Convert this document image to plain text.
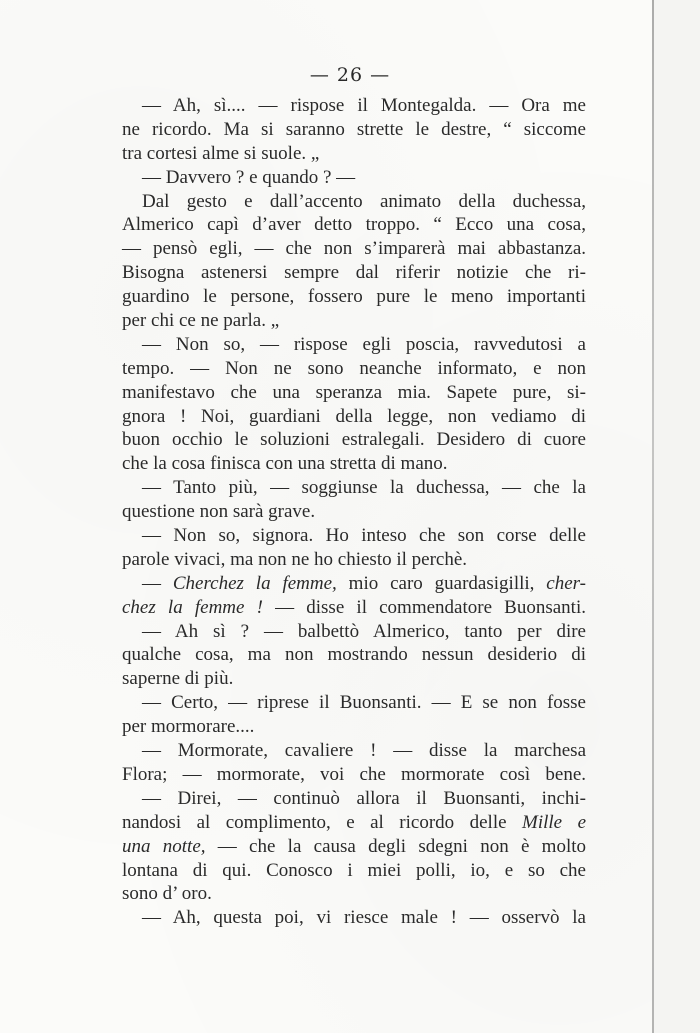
— 26 —
— Ah, sì.... — rispose il Montegalda. — Ora me
ne ricordo. Ma si saranno strette le destre, “ siccome
tra cortesi alme si suole. „
— Davvero ? e quando ? —
Dal gesto e dall’accento animato della duchessa,
Almerico capì d’aver detto troppo. “ Ecco una cosa,
— pensò egli, — che non s’imparerà mai abbastanza.
Bisogna astenersi sempre dal riferir notizie che ri-
guardino le persone, fossero pure le meno importanti
per chi ce ne parla. „
— Non so, — rispose egli poscia, ravvedutosi a
tempo. — Non ne sono neanche informato, e non
manifestavo che una speranza mia. Sapete pure, si-
gnora ! Noi, guardiani della legge, non vediamo di
buon occhio le soluzioni estralegali. Desidero di cuore
che la cosa finisca con una stretta di mano.
— Tanto più, — soggiunse la duchessa, — che la
questione non sarà grave.
— Non so, signora. Ho inteso che son corse delle
parole vivaci, ma non ne ho chiesto il perchè.
— Cherchez la femme, mio caro guardasigilli, cher-
chez la femme ! — disse il commendatore Buonsanti.
— Ah sì ? — balbettò Almerico, tanto per dire
qualche cosa, ma non mostrando nessun desiderio di
saperne di più.
— Certo, — riprese il Buonsanti. — E se non fosse
per mormorare....
— Mormorate, cavaliere ! — disse la marchesa
Flora; — mormorate, voi che mormorate così bene.
— Direi, — continuò allora il Buonsanti, inchi-
nandosi al complimento, e al ricordo delle Mille e
una notte, — che la causa degli sdegni non è molto
lontana di qui. Conosco i miei polli, io, e so che
sono d’ oro.
— Ah, questa poi, vi riesce male ! — osservò la
